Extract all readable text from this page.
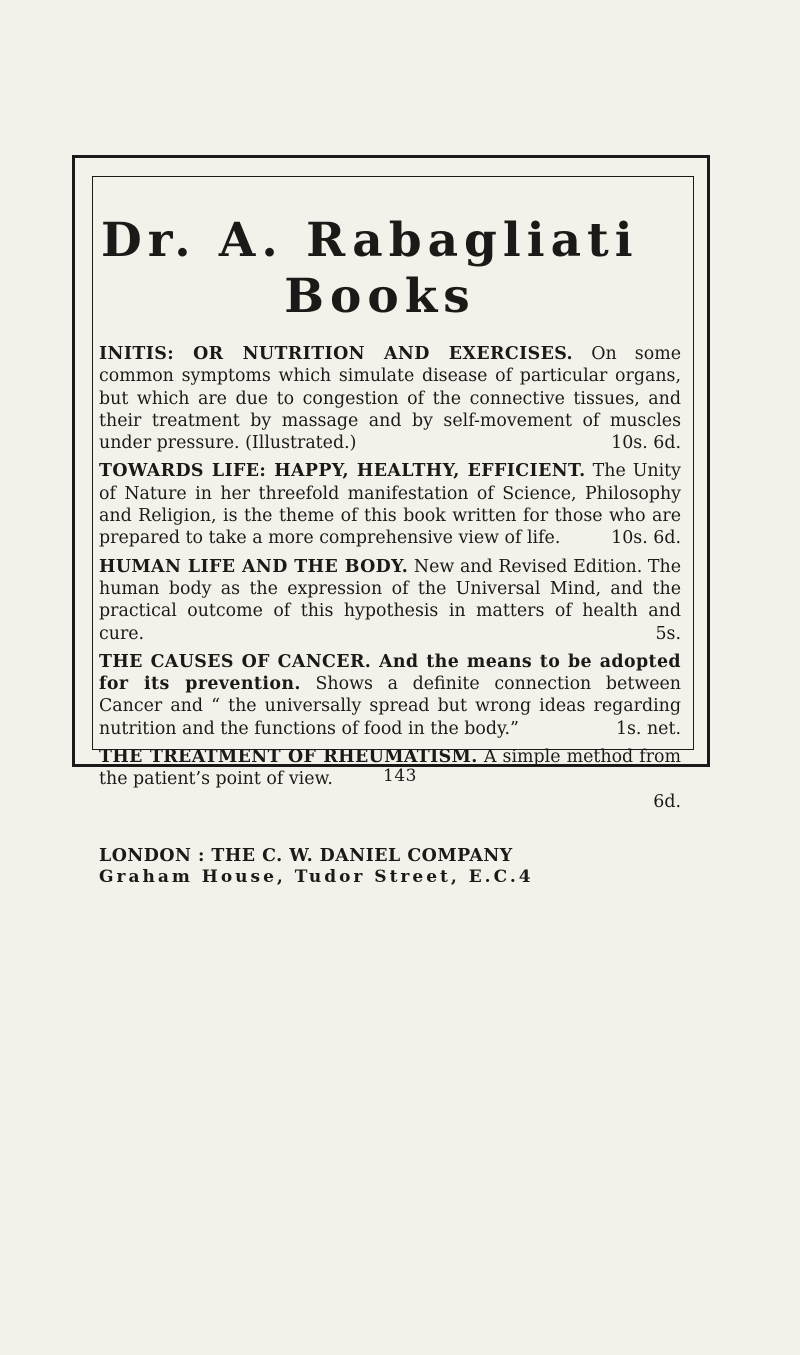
Dr. A. Rabagliati
Books
INITIS: OR NUTRITION AND EXERCISES. On some common symptoms which simulate disease of particular organs, but which are due to congestion of the connective tissues, and their treatment by massage and by self-movement of muscles under pressure. (Illustrated.)	10s. 6d.
TOWARDS LIFE: HAPPY, HEALTHY, EFFICIENT. The Unity of Nature in her threefold manifestation of Science, Philosophy and Religion, is the theme of this book written for those who are prepared to take a more comprehensive view of life.	10s. 6d.
HUMAN LIFE AND THE BODY. New and Revised Edition. The human body as the expression of the Universal Mind, and the practical outcome of this hypothesis in matters of health and cure.	5s.
THE CAUSES OF CANCER. And the means to be adopted for its prevention. Shows a definite connection between Cancer and “ the universally spread but wrong ideas regarding nutrition and the functions of food in the body.”	1s. net.
THE TREATMENT OF RHEUMATISM. A simple method from the patient’s point of view.
6d.
LONDON : THE C. W. DANIEL COMPANY
Graham House, Tudor Street, E.C.4
143
